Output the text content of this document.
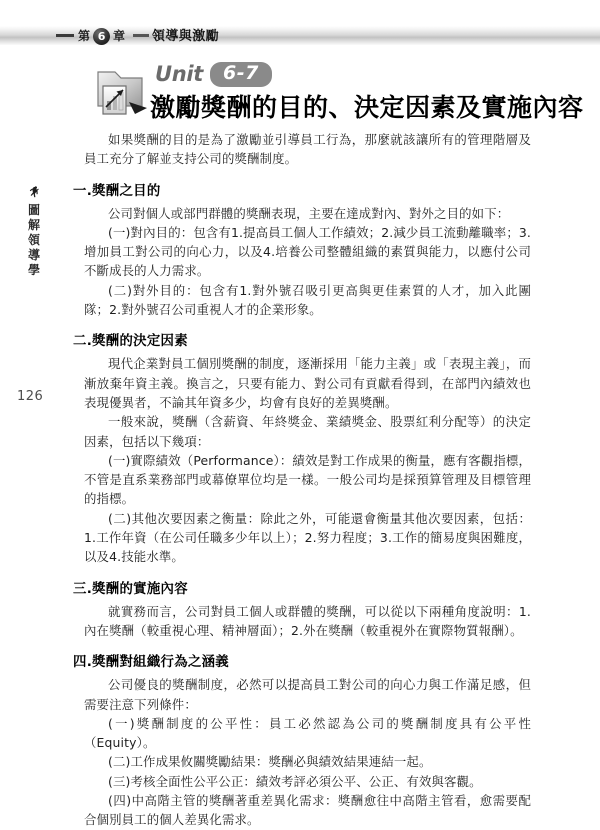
第 6 章 領導與激勵
Unit	6-7
激勵獎酬的目的、決定因素及實施內容
圖
解
領
導
學
126

如果獎酬的目的是為了激勵並引導員工行為，那麼就該讓所有的管理階層及員工充分了解並支持公司的獎酬制度。

一.獎酬之目的

公司對個人或部門群體的獎酬表現，主要在達成對內、對外之目的如下：

(一)對內目的：包含有1.提高員工個人工作績效；2.減少員工流動離職率；3.增加員工對公司的向心力，以及4.培養公司整體組織的素質與能力，以應付公司不斷成長的人力需求。

(二)對外目的：包含有1.對外號召吸引更高與更佳素質的人才，加入此團隊；2.對外號召公司重視人才的企業形象。

二.獎酬的決定因素

現代企業對員工個別獎酬的制度，逐漸採用「能力主義」或「表現主義」，而漸放棄年資主義。換言之，只要有能力、對公司有貢獻看得到，在部門內績效也表現優異者，不論其年資多少，均會有良好的差異獎酬。

一般來說，獎酬（含薪資、年終獎金、業績獎金、股票紅利分配等）的決定因素，包括以下幾項：

(一)實際績效（Performance）：績效是對工作成果的衡量，應有客觀指標，不管是直系業務部門或幕僚單位均是一樣。一般公司均是採預算管理及目標管理的指標。

(二)其他次要因素之衡量：除此之外，可能還會衡量其他次要因素，包括：1.工作年資（在公司任職多少年以上）；2.努力程度；3.工作的簡易度與困難度，以及4.技能水準。

三.獎酬的實施內容

就實務而言，公司對員工個人或群體的獎酬，可以從以下兩種角度說明：1.內在獎酬（較重視心理、精神層面）；2.外在獎酬（較重視外在實際物質報酬）。

四.獎酬對組織行為之涵義

公司優良的獎酬制度，必然可以提高員工對公司的向心力與工作滿足感，但需要注意下列條件：

(一)獎酬制度的公平性：員工必然認為公司的獎酬制度具有公平性（Equity）。

(二)工作成果攸關獎勵結果：獎酬必與績效結果連結一起。

(三)考核全面性公平公正：績效考評必須公平、公正、有效與客觀。

(四)中高階主管的獎酬著重差異化需求：獎酬愈往中高階主管看，愈需要配合個別員工的個人差異化需求。
